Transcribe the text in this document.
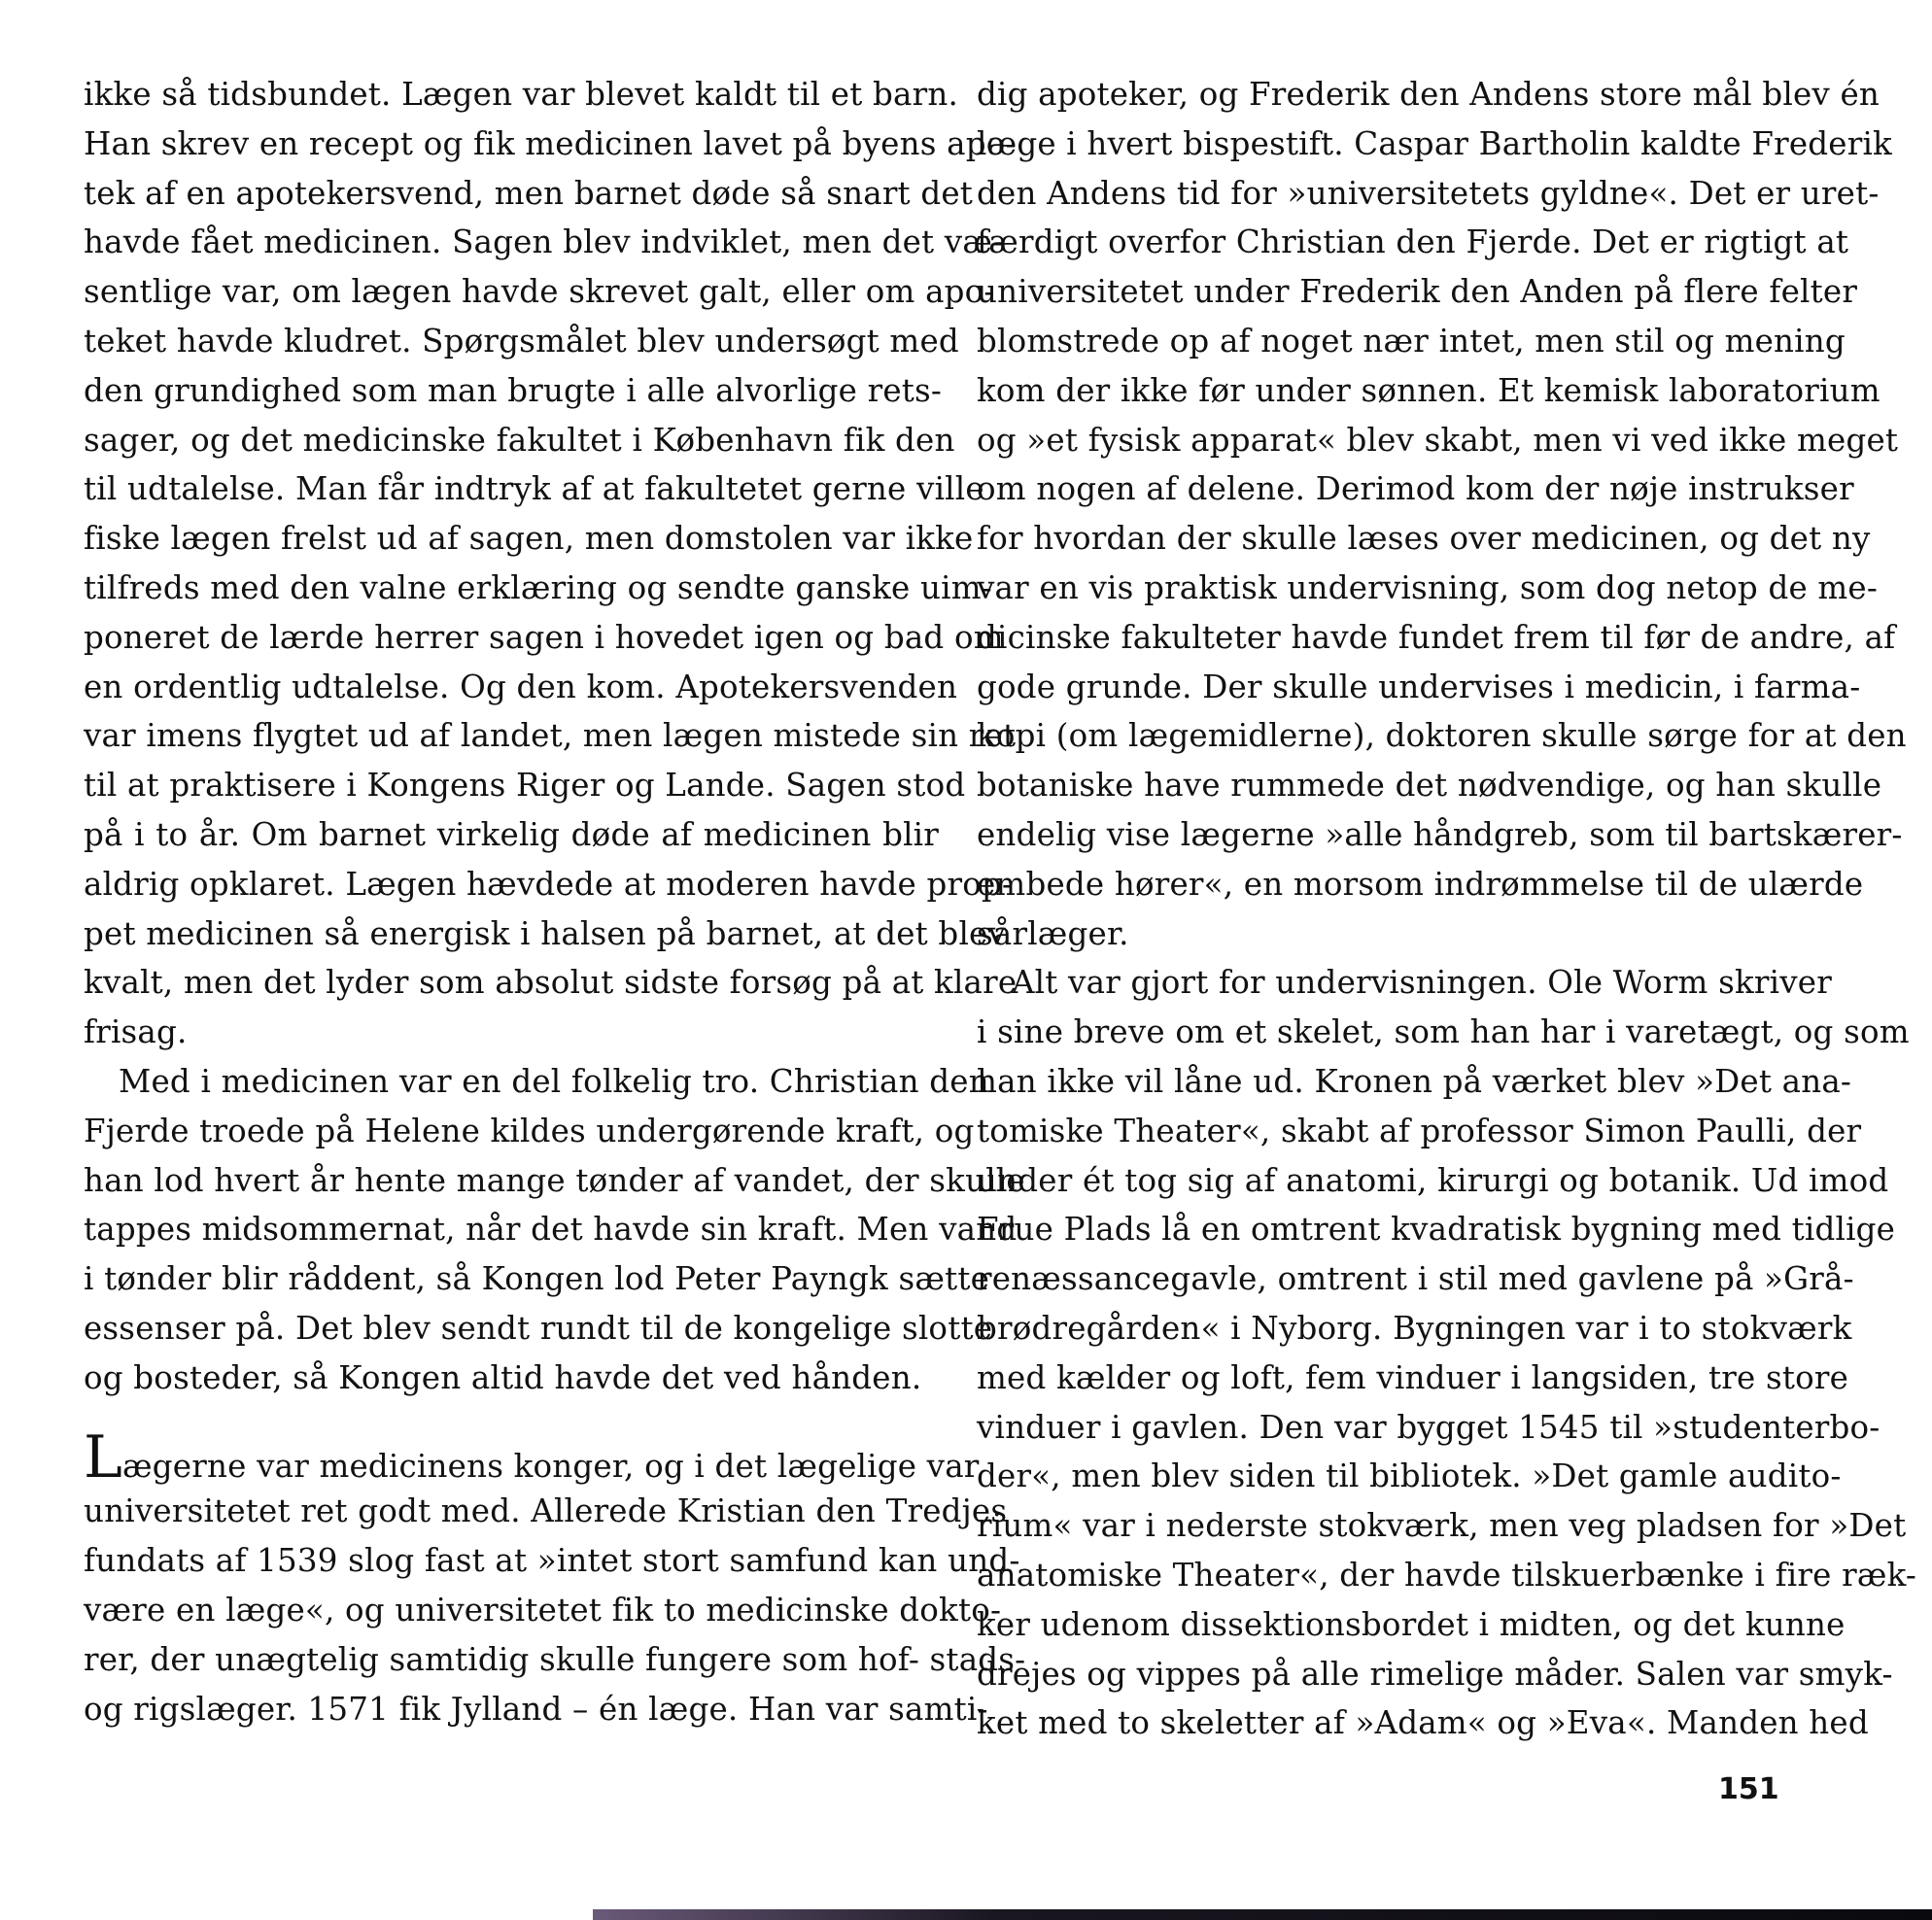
ikke så tidsbundet. Lægen var blevet kaldt til et barn.
Han skrev en recept og fik medicinen lavet på byens apo-
tek af en apotekersvend, men barnet døde så snart det
havde fået medicinen. Sagen blev indviklet, men det væ-
sentlige var, om lægen havde skrevet galt, eller om apo-
teket havde kludret. Spørgsmålet blev undersøgt med
den grundighed som man brugte i alle alvorlige rets-
sager, og det medicinske fakultet i København fik den
til udtalelse. Man får indtryk af at fakultetet gerne ville
fiske lægen frelst ud af sagen, men domstolen var ikke
tilfreds med den valne erklæring og sendte ganske uim-
poneret de lærde herrer sagen i hovedet igen og bad om
en ordentlig udtalelse. Og den kom. Apotekersvenden
var imens flygtet ud af landet, men lægen mistede sin ret
til at praktisere i Kongens Riger og Lande. Sagen stod
på i to år. Om barnet virkelig døde af medicinen blir
aldrig opklaret. Lægen hævdede at moderen havde prop-
pet medicinen så energisk i halsen på barnet, at det blev
kvalt, men det lyder som absolut sidste forsøg på at klare
frisag.
Med i medicinen var en del folkelig tro. Christian den
Fjerde troede på Helene kildes undergørende kraft, og
han lod hvert år hente mange tønder af vandet, der skulle
tappes midsommernat, når det havde sin kraft. Men vand
i tønder blir råddent, så Kongen lod Peter Payngk sætte
essenser på. Det blev sendt rundt til de kongelige slotte
og bosteder, så Kongen altid havde det ved hånden.
Lægerne var medicinens konger, og i det lægelige var
universitetet ret godt med. Allerede Kristian den Tredjes
fundats af 1539 slog fast at »intet stort samfund kan und-
være en læge«, og universitetet fik to medicinske dokto-
rer, der unægtelig samtidig skulle fungere som hof- stads-
og rigslæger. 1571 fik Jylland – én læge. Han var samti-
dig apoteker, og Frederik den Andens store mål blev én
læge i hvert bispestift. Caspar Bartholin kaldte Frederik
den Andens tid for »universitetets gyldne«. Det er uret-
færdigt overfor Christian den Fjerde. Det er rigtigt at
universitetet under Frederik den Anden på flere felter
blomstrede op af noget nær intet, men stil og mening
kom der ikke før under sønnen. Et kemisk laboratorium
og »et fysisk apparat« blev skabt, men vi ved ikke meget
om nogen af delene. Derimod kom der nøje instrukser
for hvordan der skulle læses over medicinen, og det ny
var en vis praktisk undervisning, som dog netop de me-
dicinske fakulteter havde fundet frem til før de andre, af
gode grunde. Der skulle undervises i medicin, i farma-
kopi (om lægemidlerne), doktoren skulle sørge for at den
botaniske have rummede det nødvendige, og han skulle
endelig vise lægerne »alle håndgreb, som til bartskærer-
embede hører«, en morsom indrømmelse til de ulærde
sårlæger.
Alt var gjort for undervisningen. Ole Worm skriver
i sine breve om et skelet, som han har i varetægt, og som
han ikke vil låne ud. Kronen på værket blev »Det ana-
tomiske Theater«, skabt af professor Simon Paulli, der
under ét tog sig af anatomi, kirurgi og botanik. Ud imod
Frue Plads lå en omtrent kvadratisk bygning med tidlige
renæssancegavle, omtrent i stil med gavlene på »Grå-
brødregården« i Nyborg. Bygningen var i to stokværk
med kælder og loft, fem vinduer i langsiden, tre store
vinduer i gavlen. Den var bygget 1545 til »studenterbo-
der«, men blev siden til bibliotek. »Det gamle audito-
rium« var i nederste stokværk, men veg pladsen for »Det
anatomiske Theater«, der havde tilskuerbænke i fire ræk-
ker udenom dissektionsbordet i midten, og det kunne
drejes og vippes på alle rimelige måder. Salen var smyk-
ket med to skeletter af »Adam« og »Eva«. Manden hed
151
